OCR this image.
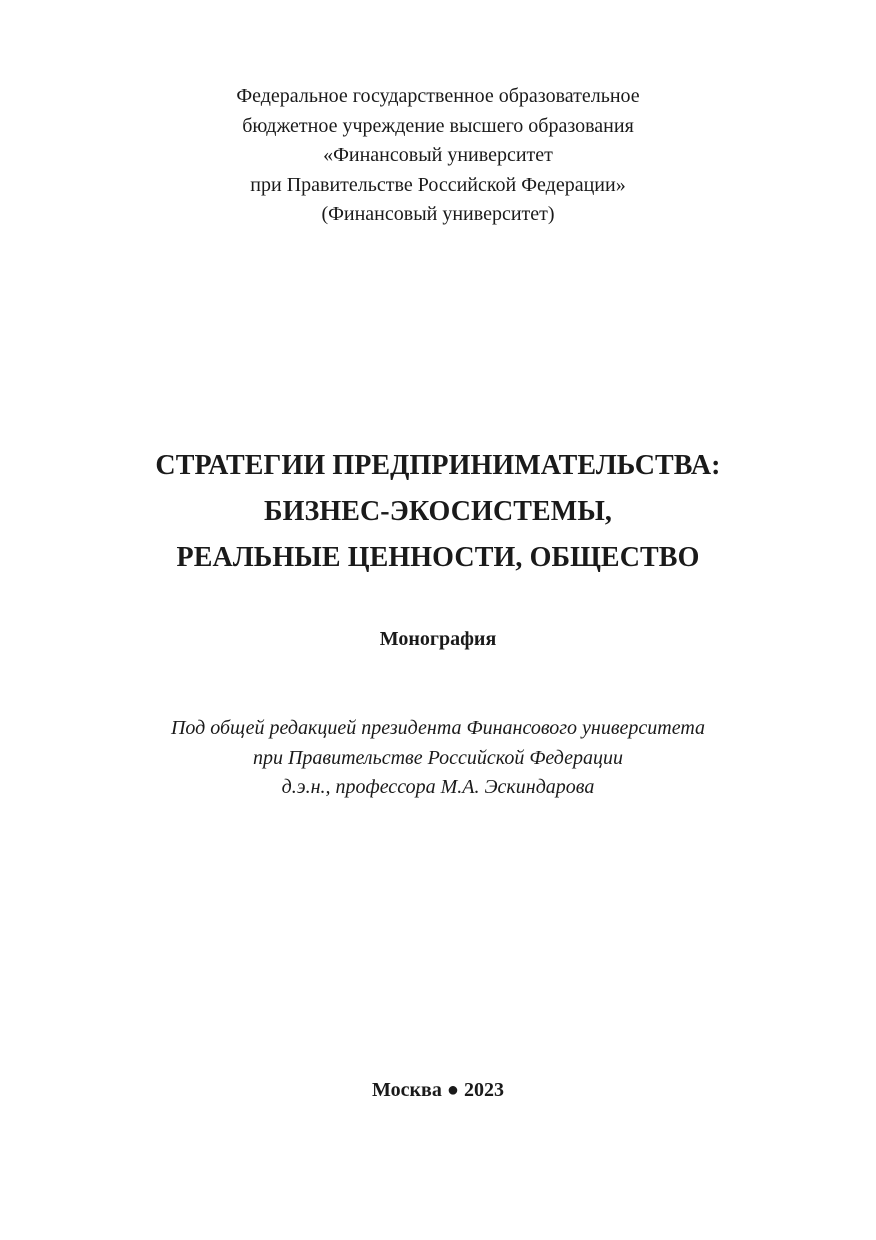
Федеральное государственное образовательное
бюджетное учреждение высшего образования
«Финансовый университет
при Правительстве Российской Федерации»
(Финансовый университет)
СТРАТЕГИИ ПРЕДПРИНИМАТЕЛЬСТВА:
БИЗНЕС-ЭКОСИСТЕМЫ,
РЕАЛЬНЫЕ ЦЕННОСТИ, ОБЩЕСТВО
Монография
Под общей редакцией президента Финансового университета
при Правительстве Российской Федерации
д.э.н., профессора М.А. Эскиндарова
Москва ● 2023
